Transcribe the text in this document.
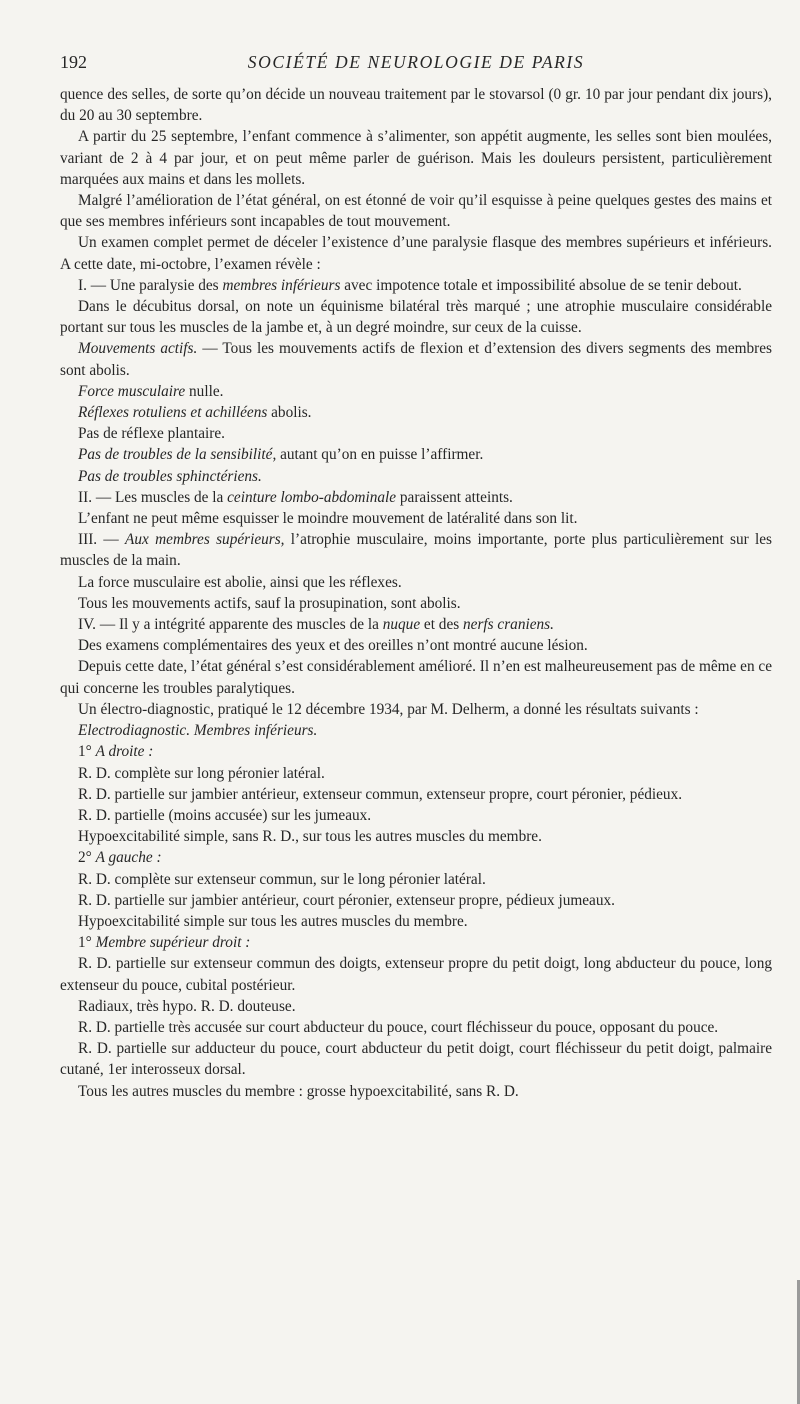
192	SOCIÉTÉ DE NEUROLOGIE DE PARIS

quence des selles, de sorte qu’on décide un nouveau traitement par le stovarsol (0 gr. 10 par jour pendant dix jours), du 20 au 30 septembre.

A partir du 25 septembre, l’enfant commence à s’alimenter, son appétit augmente, les selles sont bien moulées, variant de 2 à 4 par jour, et on peut même parler de guérison. Mais les douleurs persistent, particulièrement marquées aux mains et dans les mollets.

Malgré l’amélioration de l’état général, on est étonné de voir qu’il esquisse à peine quelques gestes des mains et que ses membres inférieurs sont incapables de tout mouvement.

Un examen complet permet de déceler l’existence d’une paralysie flasque des membres supérieurs et inférieurs. A cette date, mi-octobre, l’examen révèle :

I. — Une paralysie des membres inférieurs avec impotence totale et impossibilité absolue de se tenir debout.

Dans le décubitus dorsal, on note un équinisme bilatéral très marqué ; une atrophie musculaire considérable portant sur tous les muscles de la jambe et, à un degré moindre, sur ceux de la cuisse.

Mouvements actifs. — Tous les mouvements actifs de flexion et d’extension des divers segments des membres sont abolis.

Force musculaire nulle.

Réflexes rotuliens et achilléens abolis.

Pas de réflexe plantaire.

Pas de troubles de la sensibilité, autant qu’on en puisse l’affirmer.

Pas de troubles sphinctériens.

II. — Les muscles de la ceinture lombo-abdominale paraissent atteints.

L’enfant ne peut même esquisser le moindre mouvement de latéralité dans son lit.

III. — Aux membres supérieurs, l’atrophie musculaire, moins importante, porte plus particulièrement sur les muscles de la main.

La force musculaire est abolie, ainsi que les réflexes.

Tous les mouvements actifs, sauf la prosupination, sont abolis.

IV. — Il y a intégrité apparente des muscles de la nuque et des nerfs craniens.

Des examens complémentaires des yeux et des oreilles n’ont montré aucune lésion.

Depuis cette date, l’état général s’est considérablement amélioré. Il n’en est malheureusement pas de même en ce qui concerne les troubles paralytiques.

Un électro-diagnostic, pratiqué le 12 décembre 1934, par M. Delherm, a donné les résultats suivants :

Electrodiagnostic. Membres inférieurs.

1° A droite :

R. D. complète sur long péronier latéral.

R. D. partielle sur jambier antérieur, extenseur commun, extenseur propre, court péronier, pédieux.

R. D. partielle (moins accusée) sur les jumeaux.

Hypoexcitabilité simple, sans R. D., sur tous les autres muscles du membre.

2° A gauche :

R. D. complète sur extenseur commun, sur le long péronier latéral.

R. D. partielle sur jambier antérieur, court péronier, extenseur propre, pédieux jumeaux.

Hypoexcitabilité simple sur tous les autres muscles du membre.

1° Membre supérieur droit :

R. D. partielle sur extenseur commun des doigts, extenseur propre du petit doigt, long abducteur du pouce, long extenseur du pouce, cubital postérieur.

Radiaux, très hypo. R. D. douteuse.

R. D. partielle très accusée sur court abducteur du pouce, court fléchisseur du pouce, opposant du pouce.

R. D. partielle sur adducteur du pouce, court abducteur du petit doigt, court fléchisseur du petit doigt, palmaire cutané, 1er interosseux dorsal.

Tous les autres muscles du membre : grosse hypoexcitabilité, sans R. D.
